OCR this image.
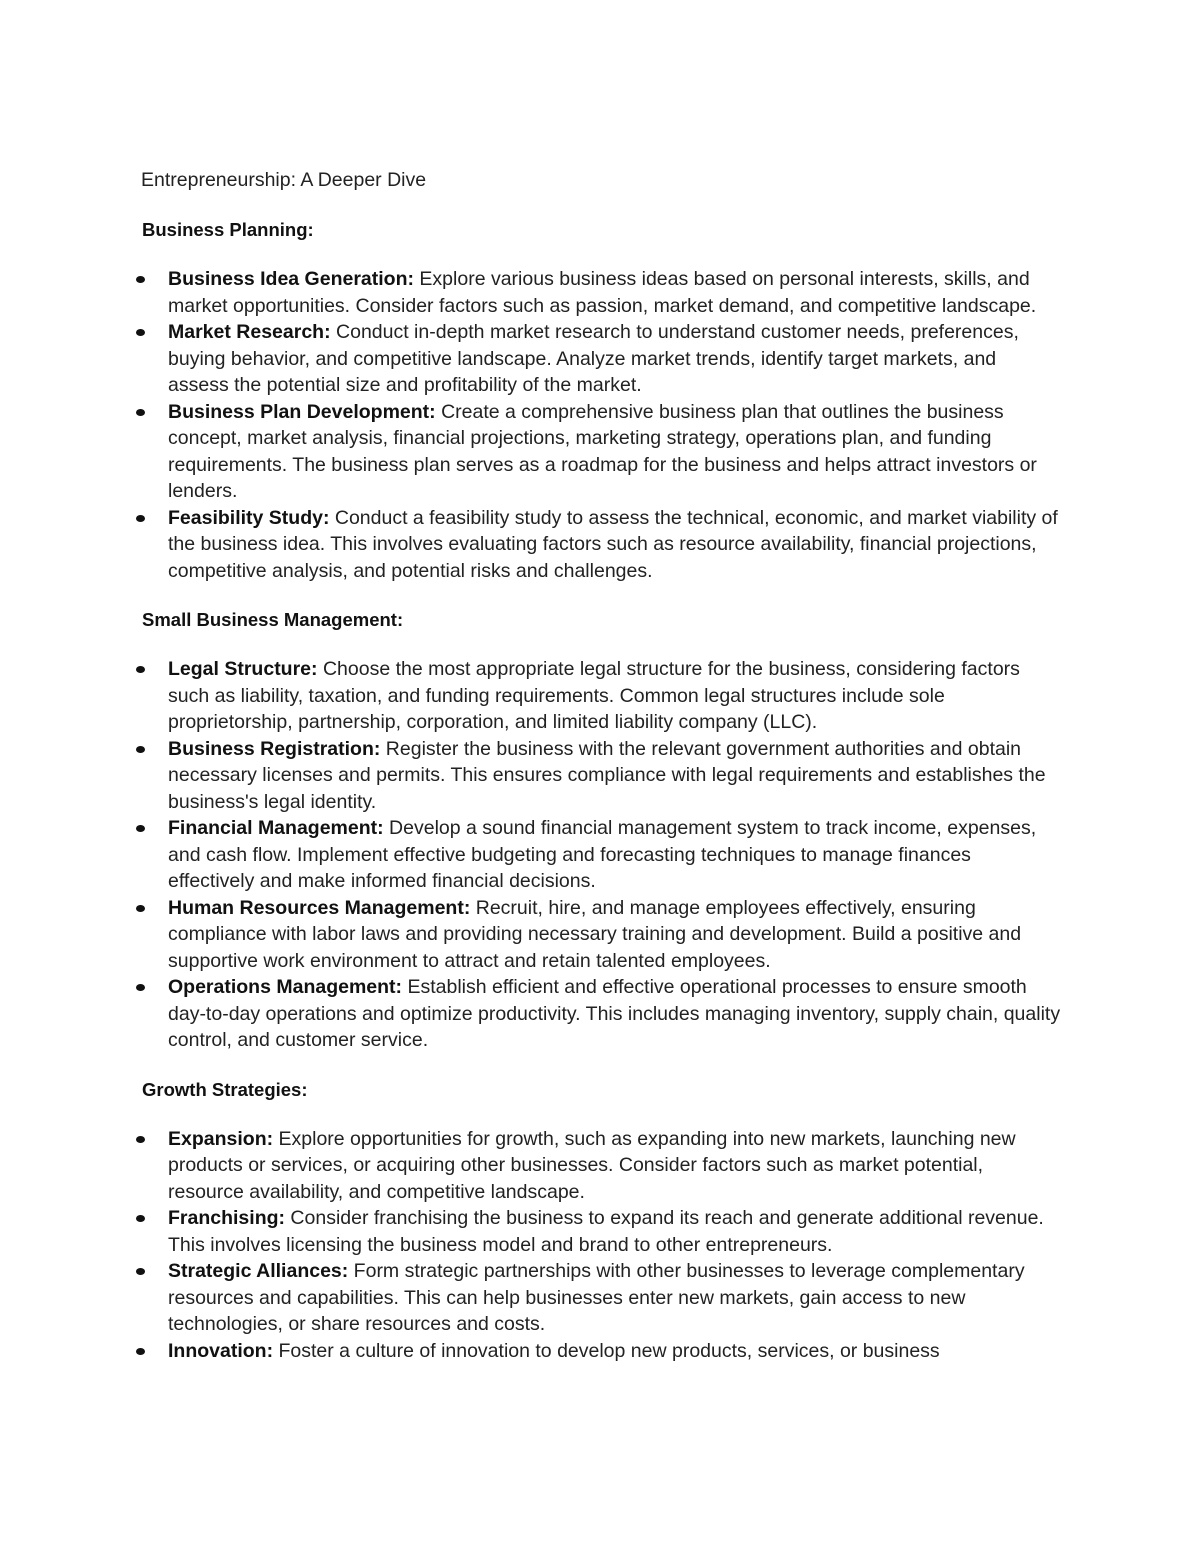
Entrepreneurship: A Deeper Dive
Business Planning:
Business Idea Generation: Explore various business ideas based on personal interests, skills, and market opportunities. Consider factors such as passion, market demand, and competitive landscape.
Market Research: Conduct in-depth market research to understand customer needs, preferences, buying behavior, and competitive landscape. Analyze market trends, identify target markets, and assess the potential size and profitability of the market.
Business Plan Development: Create a comprehensive business plan that outlines the business concept, market analysis, financial projections, marketing strategy, operations plan, and funding requirements. The business plan serves as a roadmap for the business and helps attract investors or lenders.
Feasibility Study: Conduct a feasibility study to assess the technical, economic, and market viability of the business idea. This involves evaluating factors such as resource availability, financial projections, competitive analysis, and potential risks and challenges.
Small Business Management:
Legal Structure: Choose the most appropriate legal structure for the business, considering factors such as liability, taxation, and funding requirements. Common legal structures include sole proprietorship, partnership, corporation, and limited liability company (LLC).
Business Registration: Register the business with the relevant government authorities and obtain necessary licenses and permits. This ensures compliance with legal requirements and establishes the business's legal identity.
Financial Management: Develop a sound financial management system to track income, expenses, and cash flow. Implement effective budgeting and forecasting techniques to manage finances effectively and make informed financial decisions.
Human Resources Management: Recruit, hire, and manage employees effectively, ensuring compliance with labor laws and providing necessary training and development. Build a positive and supportive work environment to attract and retain talented employees.
Operations Management: Establish efficient and effective operational processes to ensure smooth day-to-day operations and optimize productivity. This includes managing inventory, supply chain, quality control, and customer service.
Growth Strategies:
Expansion: Explore opportunities for growth, such as expanding into new markets, launching new products or services, or acquiring other businesses. Consider factors such as market potential, resource availability, and competitive landscape.
Franchising: Consider franchising the business to expand its reach and generate additional revenue. This involves licensing the business model and brand to other entrepreneurs.
Strategic Alliances: Form strategic partnerships with other businesses to leverage complementary resources and capabilities. This can help businesses enter new markets, gain access to new technologies, or share resources and costs.
Innovation: Foster a culture of innovation to develop new products, services, or business
